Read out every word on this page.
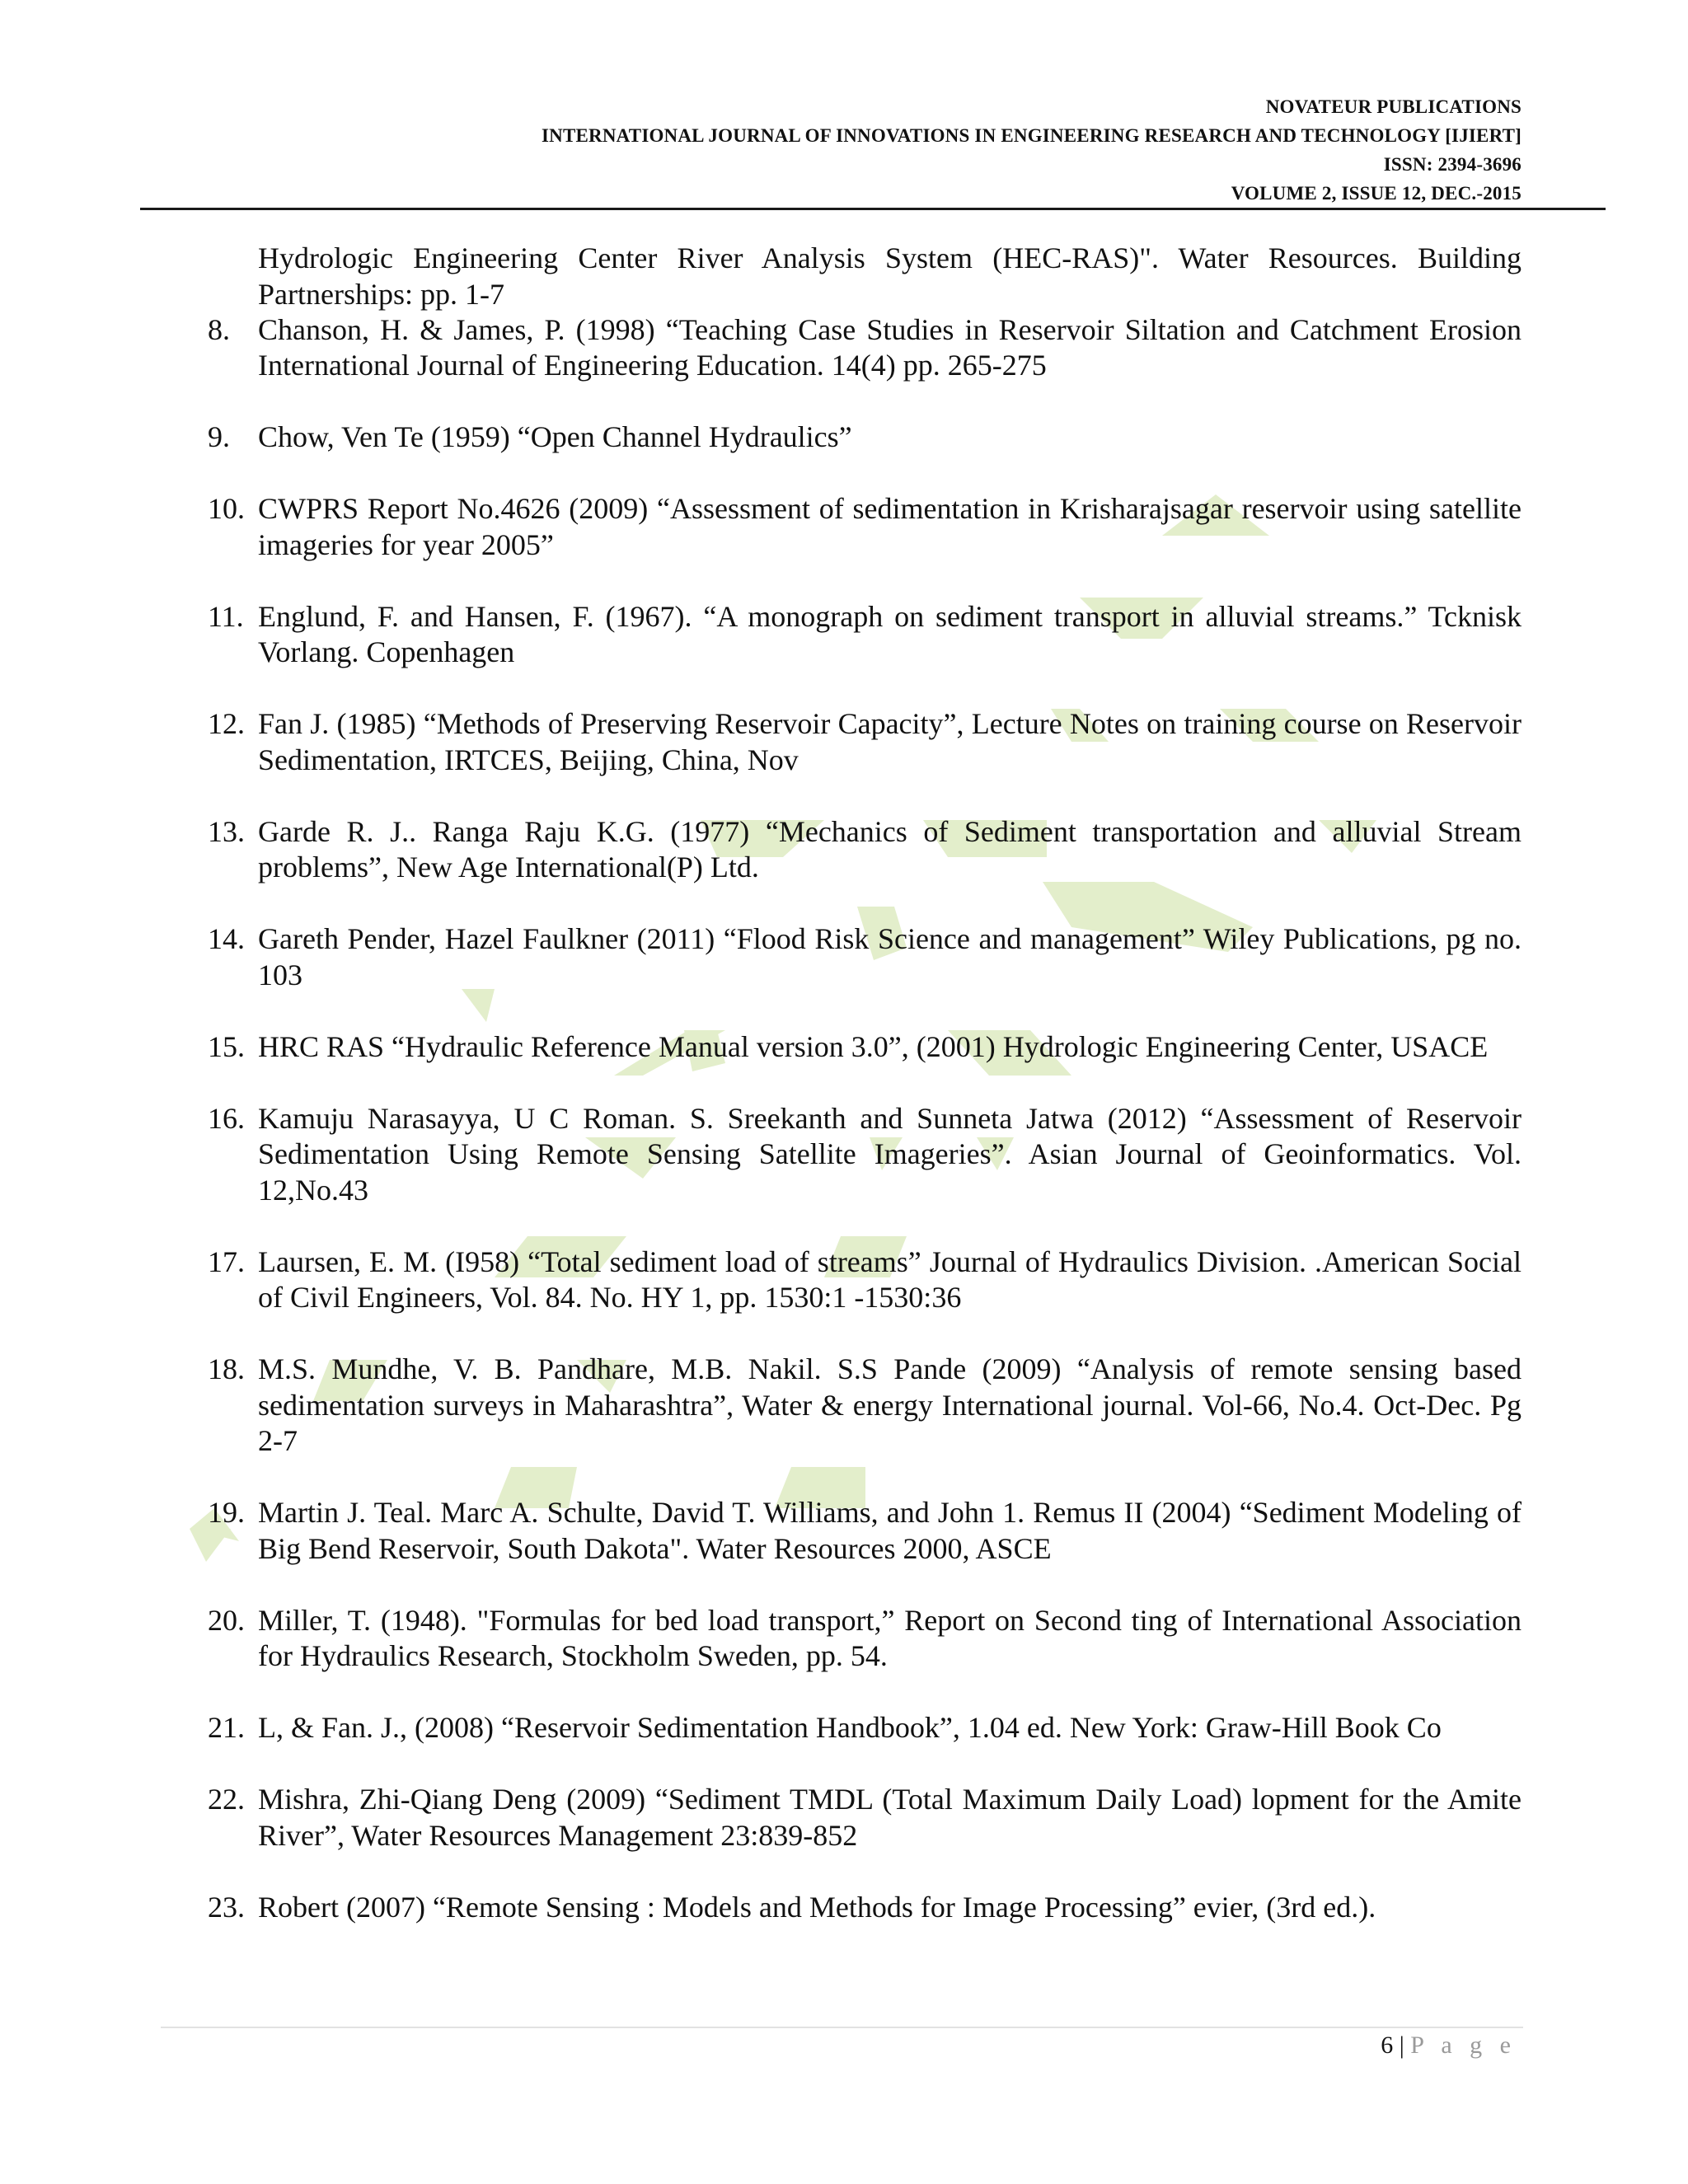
NOVATEUR PUBLICATIONS
INTERNATIONAL JOURNAL OF INNOVATIONS IN ENGINEERING RESEARCH AND TECHNOLOGY [IJIERT]
ISSN: 2394-3696
VOLUME 2, ISSUE 12, DEC.-2015

Hydrologic Engineering Center River Analysis System (HEC-RAS)". Water Resources. Building Partnerships: pp. 1-7

8. Chanson, H. & James, P. (1998) “Teaching Case Studies in Reservoir Siltation and Catchment Erosion International Journal of Engineering Education. 14(4) pp. 265-275
9. Chow, Ven Te (1959) “Open Channel Hydraulics”
10. CWPRS Report No.4626 (2009) “Assessment of sedimentation in Krisharajsagar reservoir using satellite imageries for year 2005”
11. Englund, F. and Hansen, F. (1967). “A monograph on sediment transport in alluvial streams.” Tcknisk Vorlang. Copenhagen
12. Fan J. (1985) “Methods of Preserving Reservoir Capacity”, Lecture Notes on training course on Reservoir Sedimentation, IRTCES, Beijing, China, Nov
13. Garde R. J.. Ranga Raju K.G. (1977) “Mechanics of Sediment transportation and alluvial Stream problems”, New Age International(P) Ltd.
14. Gareth Pender, Hazel Faulkner (2011) “Flood Risk Science and management” Wiley Publications, pg no. 103
15. HRC RAS “Hydraulic Reference Manual version 3.0”, (2001) Hydrologic Engineering Center, USACE
16. Kamuju Narasayya, U C Roman. S. Sreekanth and Sunneta Jatwa (2012) “Assessment of Reservoir Sedimentation Using Remote Sensing Satellite Imageries”. Asian Journal of Geoinformatics. Vol. 12,No.43
17. Laursen, E. M. (I958) “Total sediment load of streams” Journal of Hydraulics Division. .American Social of Civil Engineers, Vol. 84. No. HY 1, pp. 1530:1 -1530:36
18. M.S. Mundhe, V. B. Pandhare, M.B. Nakil. S.S Pande (2009) “Analysis of remote sensing based sedimentation surveys in Maharashtra”, Water & energy International journal. Vol-66, No.4. Oct-Dec. Pg 2-7
19. Martin J. Teal. Marc A. Schulte, David T. Williams, and John 1. Remus II (2004) “Sediment Modeling of Big Bend Reservoir, South Dakota". Water Resources 2000, ASCE
20. Miller, T. (1948). "Formulas for bed load transport,” Report on Second ting of International Association for Hydraulics Research, Stockholm Sweden, pp. 54.
21. L, & Fan. J., (2008) “Reservoir Sedimentation Handbook”, 1.04 ed. New York: Graw-Hill Book Co
22. Mishra, Zhi-Qiang Deng (2009) “Sediment TMDL (Total Maximum Daily Load) lopment for the Amite River”, Water Resources Management 23:839-852
23. Robert (2007) “Remote Sensing : Models and Methods for Image Processing” evier, (3rd ed.).
6 | P a g e
